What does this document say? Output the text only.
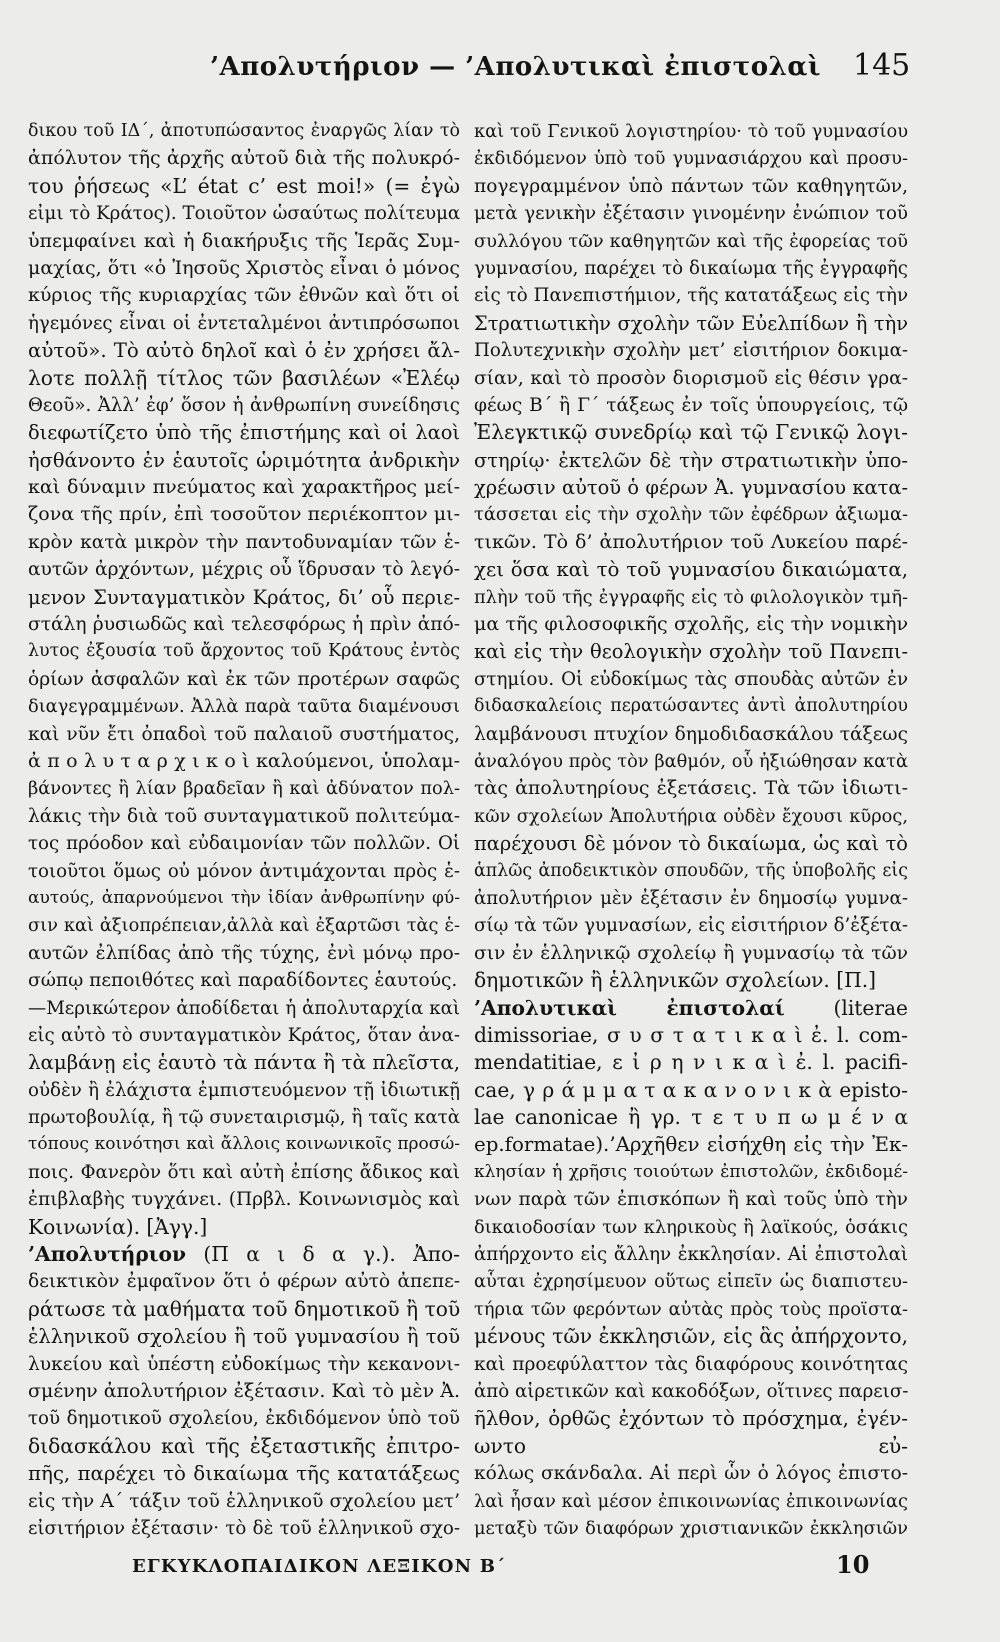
’Απολυτήριον — ’Απολυτικαὶ ἐπιστολαὶ 145
δικου τοῦ ΙΔ΄, ἀποτυπώσαντος ἐναργῶς λίαν τὸ
ἀπόλυτον τῆς ἀρχῆς αὐτοῦ διὰ τῆς πολυκρό-
του ῥήσεως «L’ état c’ est moi!» (= ἐγὼ
εἰμι τὸ Κράτος). Τοιοῦτον ὡσαύτως πολίτευμα
ὑπεμφαίνει καὶ ἡ διακήρυξις τῆς Ἱερᾶς Συμ-
μαχίας, ὅτι «ὁ Ἰησοῦς Χριστὸς εἶναι ὁ μόνος
κύριος τῆς κυριαρχίας τῶν ἐθνῶν καὶ ὅτι οἱ
ἡγεμόνες εἶναι οἱ ἐντεταλμένοι ἀντιπρόσωποι
αὐτοῦ». Τὸ αὐτὸ δηλοῖ καὶ ὁ ἐν χρήσει ἄλ-
λοτε πολλῇ τίτλος τῶν βασιλέων «Ἐλέῳ
Θεοῦ». Ἀλλ’ ἐφ’ ὅσον ἡ ἀνθρωπίνη συνείδησις
διεφωτίζετο ὑπὸ τῆς ἐπιστήμης καὶ οἱ λαοὶ
ἠσθάνοντο ἐν ἑαυτοῖς ὡριμότητα ἀνδρικὴν
καὶ δύναμιν πνεύματος καὶ χαρακτῆρος μεί-
ζονα τῆς πρίν, ἐπὶ τοσοῦτον περιέκοπτον μι-
κρὸν κατὰ μικρὸν τὴν παντοδυναμίαν τῶν ἑ-
αυτῶν ἀρχόντων, μέχρις οὗ ἵδρυσαν τὸ λεγό-
μενον Συνταγματικὸν Κράτος, δι’ οὗ περιε-
στάλη ῥυσιωδῶς καὶ τελεσφόρως ἡ πρὶν ἀπό-
λυτος ἐξουσία τοῦ ἄρχοντος τοῦ Κράτους ἐντὸς
ὁρίων ἀσφαλῶν καὶ ἐκ τῶν προτέρων σαφῶς
διαγεγραμμένων. Ἀλλὰ παρὰ ταῦτα διαμένουσι
καὶ νῦν ἔτι ὀπαδοὶ τοῦ παλαιοῦ συστήματος,
ἀ π ο λ υ τ α ρ χ ι κ ο ὶ καλούμενοι, ὑπολαμ-
βάνοντες ἢ λίαν βραδεῖαν ἢ καὶ ἀδύνατον πολ-
λάκις τὴν διὰ τοῦ συνταγματικοῦ πολιτεύμα-
τος πρόοδον καὶ εὐδαιμονίαν τῶν πολλῶν. Οἱ
τοιοῦτοι ὅμως οὐ μόνον ἀντιμάχονται πρὸς ἑ-
αυτούς, ἀπαρνούμενοι τὴν ἰδίαν ἀνθρωπίνην φύ-
σιν καὶ ἀξιοπρέπειαν,ἀλλὰ καὶ ἐξαρτῶσι τὰς ἑ-
αυτῶν ἐλπίδας ἀπὸ τῆς τύχης, ἐνὶ μόνῳ προ-
σώπῳ πεποιθότες καὶ παραδίδοντες ἑαυτούς.
—Μερικώτερον ἀποδίδεται ἡ ἀπολυταρχία καὶ
εἰς αὐτὸ τὸ συνταγματικὸν Κράτος, ὅταν ἀνα-
λαμβάνῃ εἰς ἑαυτὸ τὰ πάντα ἢ τὰ πλεῖστα,
οὐδὲν ἢ ἐλάχιστα ἐμπιστευόμενον τῇ ἰδιωτικῇ
πρωτοβουλίᾳ, ἢ τῷ συνεταιρισμῷ, ἢ ταῖς κατὰ
τόπους κοινότησι καὶ ἄλλοις κοινωνικοῖς προσώ-
ποις. Φανερὸν ὅτι καὶ αὐτὴ ἐπίσης ἄδικος καὶ
ἐπιβλαβὴς τυγχάνει. (Πρβλ. Κοινωνισμὸς καὶ
Κοινωνία). [Ἀγγ.]
’Απολυτήριον (Π α ι δ α γ.). Ἀπο-
δεικτικὸν ἐμφαῖνον ὅτι ὁ φέρων αὐτὸ ἀπεπε-
ράτωσε τὰ μαθήματα τοῦ δημοτικοῦ ἢ τοῦ
ἑλληνικοῦ σχολείου ἢ τοῦ γυμνασίου ἢ τοῦ
λυκείου καὶ ὑπέστη εὐδοκίμως τὴν κεκανονι-
σμένην ἀπολυτήριον ἐξέτασιν. Καὶ τὸ μὲν Ἀ.
τοῦ δημοτικοῦ σχολείου, ἐκδιδόμενον ὑπὸ τοῦ
διδασκάλου καὶ τῆς ἐξεταστικῆς ἐπιτρο-
πῆς, παρέχει τὸ δικαίωμα τῆς κατατάξεως
εἰς τὴν Α΄ τάξιν τοῦ ἑλληνικοῦ σχολείου μετ’
εἰσιτήριον ἐξέτασιν· τὸ δὲ τοῦ ἑλληνικοῦ σχο-
καὶ τοῦ Γενικοῦ λογιστηρίου· τὸ τοῦ γυμνασίου
ἐκδιδόμενον ὑπὸ τοῦ γυμνασιάρχου καὶ προσυ-
πογεγραμμένον ὑπὸ πάντων τῶν καθηγητῶν,
μετὰ γενικὴν ἐξέτασιν γινομένην ἐνώπιον τοῦ
συλλόγου τῶν καθηγητῶν καὶ τῆς ἐφορείας τοῦ
γυμνασίου, παρέχει τὸ δικαίωμα τῆς ἐγγραφῆς
εἰς τὸ Πανεπιστήμιον, τῆς κατατάξεως εἰς τὴν
Στρατιωτικὴν σχολὴν τῶν Εὐελπίδων ἢ τὴν
Πολυτεχνικὴν σχολὴν μετ’ εἰσιτήριον δοκιμα-
σίαν, καὶ τὸ προσὸν διορισμοῦ εἰς θέσιν γρα-
φέως Β΄ ἢ Γ΄ τάξεως ἐν τοῖς ὑπουργείοις, τῷ
Ἐλεγκτικῷ συνεδρίῳ καὶ τῷ Γενικῷ λογι-
στηρίῳ· ἐκτελῶν δὲ τὴν στρατιωτικὴν ὑπο-
χρέωσιν αὐτοῦ ὁ φέρων Ἀ. γυμνασίου κατα-
τάσσεται εἰς τὴν σχολὴν τῶν ἐφέδρων ἀξιωμα-
τικῶν. Τὸ δ’ ἀπολυτήριον τοῦ Λυκείου παρέ-
χει ὅσα καὶ τὸ τοῦ γυμνασίου δικαιώματα,
πλὴν τοῦ τῆς ἐγγραφῆς εἰς τὸ φιλολογικὸν τμῆ-
μα τῆς φιλοσοφικῆς σχολῆς, εἰς τὴν νομικὴν
καὶ εἰς τὴν θεολογικὴν σχολὴν τοῦ Πανεπι-
στημίου. Οἱ εὐδοκίμως τὰς σπουδὰς αὐτῶν ἐν
διδασκαλείοις περατώσαντες ἀντὶ ἀπολυτηρίου
λαμβάνουσι πτυχίον δημοδιδασκάλου τάξεως
ἀναλόγου πρὸς τὸν βαθμόν, οὗ ἠξιώθησαν κατὰ
τὰς ἀπολυτηρίους ἐξετάσεις. Τὰ τῶν ἰδιωτι-
κῶν σχολείων Ἀπολυτήρια οὐδὲν ἔχουσι κῦρος,
παρέχουσι δὲ μόνον τὸ δικαίωμα, ὡς καὶ τὸ
ἁπλῶς ἀποδεικτικὸν σπουδῶν, τῆς ὑποβολῆς εἰς
ἀπολυτήριον μὲν ἐξέτασιν ἐν δημοσίῳ γυμνα-
σίῳ τὰ τῶν γυμνασίων, εἰς εἰσιτήριον δ’ἐξέτα-
σιν ἐν ἑλληνικῷ σχολείῳ ἢ γυμνασίῳ τὰ τῶν
δημοτικῶν ἢ ἑλληνικῶν σχολείων. [Π.]
’Απολυτικαὶ ἐπιστολαί (literae
dimissoriae, σ υ σ τ α τ ι κ α ὶ ἐ. l. com-
mendatitiae, ε ἰ ρ η ν ι κ α ὶ ἐ. l. pacifi-
cae, γ ρ ά μ μ α τ α κ α ν ο ν ι κ ὰ episto-
lae canonicae ἢ γρ. τ ε τ υ π ω μ έ ν α
ep.formatae).’Αρχῆθεν εἰσήχθη εἰς τὴν Ἐκ-
κλησίαν ἡ χρῆσις τοιούτων ἐπιστολῶν, ἐκδιδομέ-
νων παρὰ τῶν ἐπισκόπων ἢ καὶ τοῦς ὑπὸ τὴν
δικαιοδοσίαν των κληρικοὺς ἢ λαϊκούς, ὁσάκις
ἀπήρχοντο εἰς ἄλλην ἐκκλησίαν. Αἱ ἐπιστολαὶ
αὗται ἐχρησίμευον οὕτως εἰπεῖν ὡς διαπιστευ-
τήρια τῶν φερόντων αὐτὰς πρὸς τοὺς προϊστα-
μένους τῶν ἐκκλησιῶν, εἰς ἃς ἀπήρχοντο,
καὶ προεφύλαττον τὰς διαφόρους κοινότητας
ἀπὸ αἱρετικῶν καὶ κακοδόξων, οἵτινες παρεισ-
ῆλθον, ὀρθῶς ἐχόντων τὸ πρόσχημα, ἐγέν-
ωντο εὐ-
κόλως σκάνδαλα. Αἱ περὶ ὧν ὁ λόγος ἐπιστο-
λαὶ ἦσαν καὶ μέσον ἐπικοινωνίας ἐπικοινωνίας
μεταξὺ τῶν διαφόρων χριστιανικῶν ἐκκλησιῶν
ΕΓΚΥΚΛΟΠΑΙΔΙΚΟΝ ΛΕΞΙΚΟΝ Β΄	10
